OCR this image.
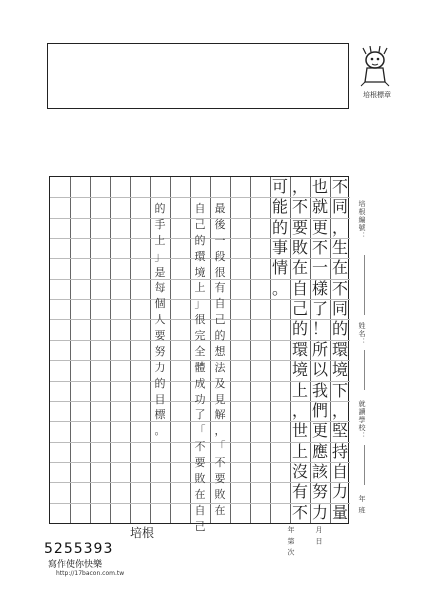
培根標章
不
同
，
生
在
不
同
的
環
境
下
，
堅
持
自
力
量
也
就
更
不
一
樣
了
！
所
以
我
們
更
應
該
努
力
，
不
要
敗
在
自
己
的
環
境
上
，
世
上
沒
有
不
可
能
的
事
情
。
最
後
一
段
很
有
自
己
的
想
法
及
見
解
，
「
不
要
敗
在
自
己
的
環
境
上
」
很
完
全
體
成
功
了
「
不
要
敗
在
自
己
的
手
上
」
是
每
個
人
要
努
力
的
目
標
。
培根編號：
姓名：
就讀學校：
年 班
月 日
年 第 次
培根
5255393
寫作使你快樂
http://17bacon.com.tw
